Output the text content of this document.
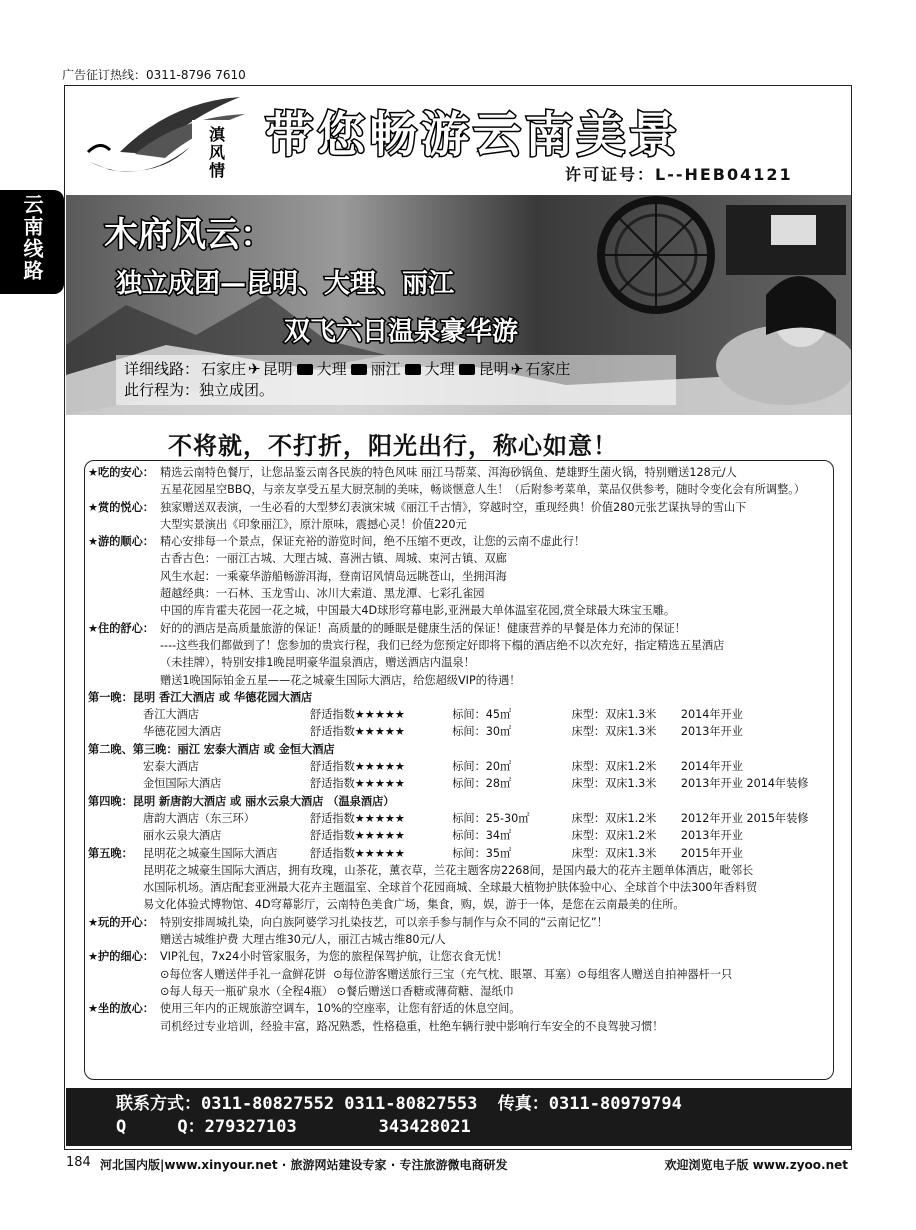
广告征订热线：0311-8796 7610
云南线路
滇
风
情
带您畅游云南美景
许可证号：L--HEB04121
木府风云：
独立成团—昆明、大理、丽江
双飞六日温泉豪华游
详细线路： 石家庄 ✈ 昆明 大理 丽江 大理 昆明 ✈ 石家庄
此行程为：独立成团。
不将就，不打折，阳光出行，称心如意！
★吃的安心： 精选云南特色餐厅，让您品鉴云南各民族的特色风味 丽江马帮菜、洱海砂锅鱼、楚雄野生菌火锅，特别赠送128元/人
五星花园星空BBQ，与亲友享受五星大厨烹制的美味，畅谈惬意人生！（后附参考菜单，菜品仅供参考，随时令变化会有所调整。）
★赏的悦心： 独家赠送双表演，一生必看的大型梦幻表演宋城《丽江千古情》，穿越时空，重现经典！价值280元张艺谋执导的雪山下
大型实景演出《印象丽江》，原汁原味，震撼心灵！价值220元
★游的顺心： 精心安排每一个景点，保证充裕的游览时间，绝不压缩不更改，让您的云南不虚此行！
古香古色：一丽江古城、大理古城、喜洲古镇、周城、束河古镇、双廊
风生水起：一乘豪华游船畅游洱海，登南诏风情岛远眺苍山，坐拥洱海
超越经典：一石林、玉龙雪山、冰川大索道、黑龙潭、七彩孔雀园
中国的库肯霍夫花园一花之城，中国最大4D球形穹幕电影,亚洲最大单体温室花园,赏全球最大珠宝玉雕。
★住的舒心： 好的的酒店是高质量旅游的保证！高质量的的睡眠是健康生活的保证！健康营养的早餐是体力充沛的保证！
----这些我们都做到了！您参加的贵宾行程，我们已经为您预定好即将下榻的酒店绝不以次充好，指定精选五星酒店
（未挂牌），特别安排1晚昆明豪华温泉酒店，赠送酒店内温泉！
赠送1晚国际铂金五星——花之城豪生国际大酒店，给您超级VIP的待遇！
第一晚：昆明 香江大酒店 或 华德花园大酒店
香江大酒店	舒适指数★★★★★	标间：45㎡	床型：双床1.3米	2014年开业
华德花园大酒店	舒适指数★★★★★	标间：30㎡	床型：双床1.3米	2013年开业
第二晚、第三晚：丽江 宏泰大酒店 或 金恒大酒店
宏泰大酒店	舒适指数★★★★★	标间：20㎡	床型：双床1.2米	2014年开业
金恒国际大酒店	舒适指数★★★★★	标间：28㎡	床型：双床1.3米	2013年开业 2014年装修
第四晚：昆明 新唐韵大酒店 或 丽水云泉大酒店 （温泉酒店）
唐韵大酒店（东三环）	舒适指数★★★★★	标间：25-30㎡	床型：双床1.2米	2012年开业 2015年装修
丽水云泉大酒店	舒适指数★★★★★	标间：34㎡	床型：双床1.2米	2013年开业
第五晚： 昆明花之城豪生国际大酒店	舒适指数★★★★★	标间：35㎡	床型：双床1.3米	2015年开业
昆明花之城豪生国际大酒店，拥有玫瑰，山茶花，薰衣草，兰花主题客房2268间，是国内最大的花卉主题单体酒店，毗邻长
水国际机场。酒店配套亚洲最大花卉主题温室、全球首个花园商城、全球最大植物护肤体验中心、全球首个中法300年香料贸
易文化体验式博物馆、4D穹幕影厅，云南特色美食广场，集食，购，娱，游于一体，是您在云南最美的住所。
★玩的开心： 特别安排周城扎染，向白族阿婆学习扎染技艺，可以亲手参与制作与众不同的“云南记忆”！
赠送古城维护费 大理古维30元/人，丽江古城古维80元/人
★护的细心： VIP礼包，7x24小时管家服务，为您的旅程保驾护航，让您衣食无忧！
⊙每位客人赠送伴手礼一盒鲜花饼  ⊙每位游客赠送旅行三宝（充气枕、眼罩、耳塞）⊙每组客人赠送自拍神器杆一只
⊙每人每天一瓶矿泉水（全程4瓶） ⊙餐后赠送口香糖或薄荷糖、湿纸巾
★坐的放心： 使用三年内的正规旅游空调车，10%的空座率，让您有舒适的休息空间。
司机经过专业培训，经验丰富，路况熟悉，性格稳重，杜绝车辆行驶中影响行车安全的不良驾驶习惯！
联系方式：0311-80827552 0311-80827553  传真：0311-80979794
Q     Q：279327103        343428021
184 河北国内版|www.xinyour.net · 旅游网站建设专家 · 专注旅游微电商研发	欢迎浏览电子版 www.zyoo.net
